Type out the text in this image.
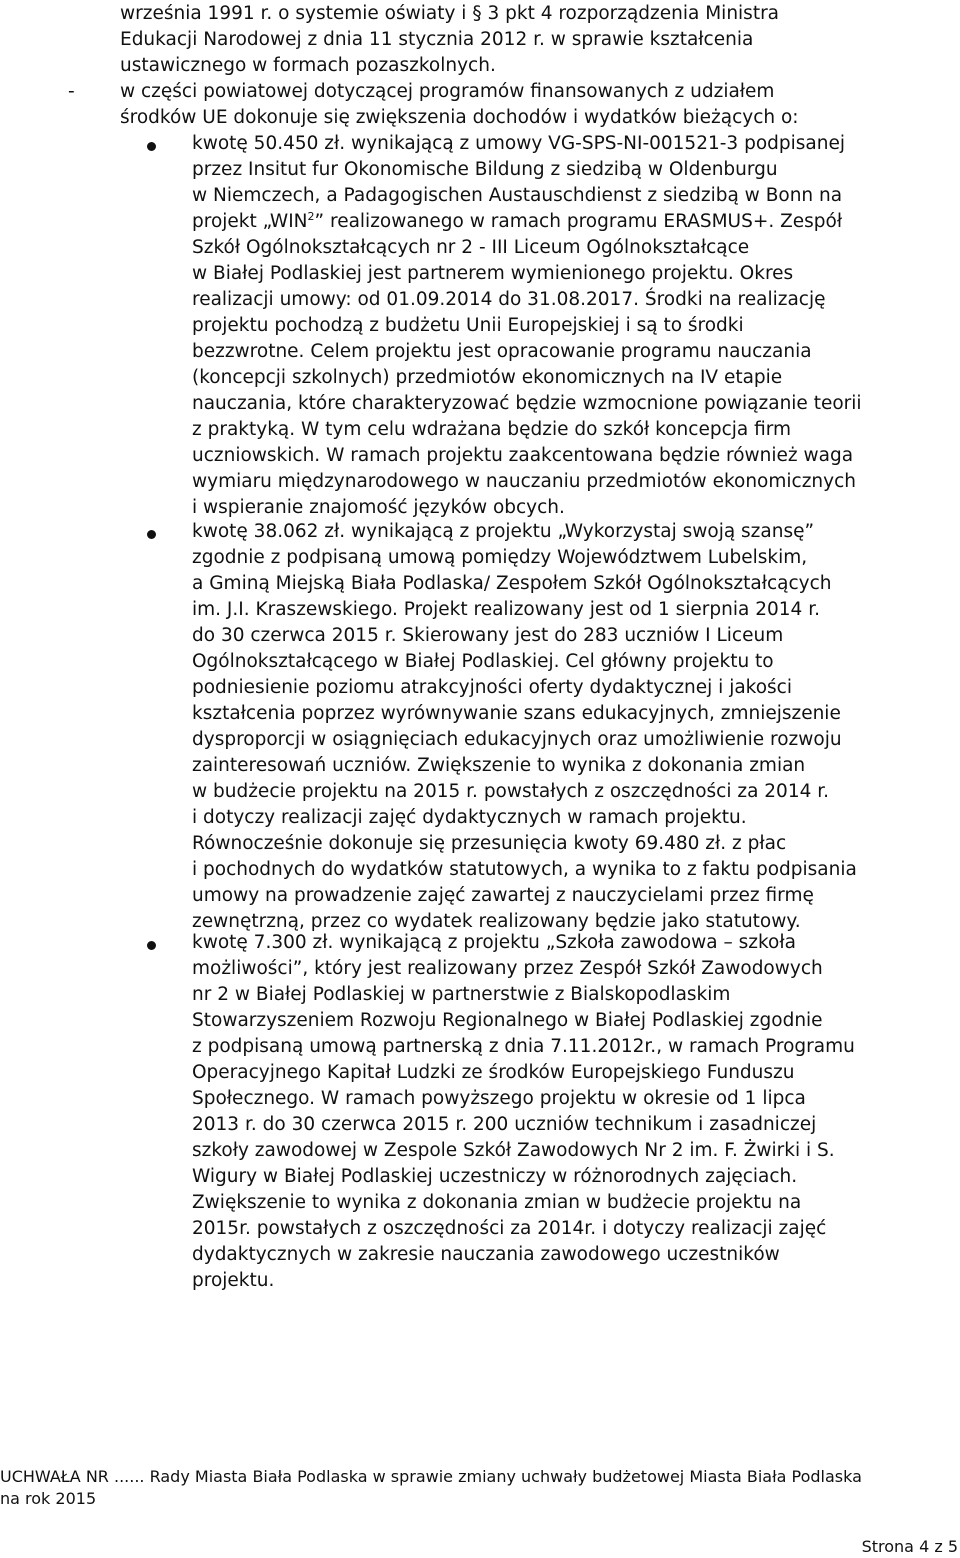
września 1991 r. o systemie oświaty i § 3 pkt 4 rozporządzenia Ministra
Edukacji Narodowej z dnia 11 stycznia 2012 r. w sprawie kształcenia
ustawicznego w formach pozaszkolnych.
- w części powiatowej dotyczącej programów finansowanych z udziałem
środków UE dokonuje się zwiększenia dochodów i wydatków bieżących o:
kwotę 50.450 zł. wynikającą z umowy VG-SPS-NI-001521-3 podpisanej
przez Insitut fur Okonomische Bildung z siedzibą w Oldenburgu
w Niemczech, a Padagogischen Austauschdienst z siedzibą w Bonn na
projekt „WIN$^2$” realizowanego w ramach programu ERASMUS+. Zespół
Szkół Ogólnokształcących nr 2 - III Liceum Ogólnokształcące
w Białej Podlaskiej jest partnerem wymienionego projektu. Okres
realizacji umowy: od 01.09.2014 do 31.08.2017. Środki na realizację
projektu pochodzą z budżetu Unii Europejskiej i są to środki
bezzwrotne. Celem projektu jest opracowanie programu nauczania
(koncepcji szkolnych) przedmiotów ekonomicznych na IV etapie
nauczania, które charakteryzować będzie wzmocnione powiązanie teorii
z praktyką. W tym celu wdrażana będzie do szkół koncepcja firm
uczniowskich. W ramach projektu zaakcentowana będzie również waga
wymiaru międzynarodowego w nauczaniu przedmiotów ekonomicznych
i wspieranie znajomość języków obcych.
kwotę 38.062 zł. wynikającą z projektu „Wykorzystaj swoją szansę”
zgodnie z podpisaną umową pomiędzy Województwem Lubelskim,
a Gminą Miejską Biała Podlaska/ Zespołem Szkół Ogólnokształcących
im. J.I. Kraszewskiego. Projekt realizowany jest od 1 sierpnia 2014 r.
do 30 czerwca 2015 r. Skierowany jest do 283 uczniów I Liceum
Ogólnokształcącego w Białej Podlaskiej. Cel główny projektu to
podniesienie poziomu atrakcyjności oferty dydaktycznej i jakości
kształcenia poprzez wyrównywanie szans edukacyjnych, zmniejszenie
dysproporcji w osiągnięciach edukacyjnych oraz umożliwienie rozwoju
zainteresowań uczniów. Zwiększenie to wynika z dokonania zmian
w budżecie projektu na 2015 r. powstałych z oszczędności za 2014 r.
i dotyczy realizacji zajęć dydaktycznych w ramach projektu.
Równocześnie dokonuje się przesunięcia kwoty 69.480 zł. z płac
i pochodnych do wydatków statutowych, a wynika to z faktu podpisania
umowy na prowadzenie zajęć zawartej z nauczycielami przez firmę
zewnętrzną, przez co wydatek realizowany będzie jako statutowy.
kwotę 7.300 zł. wynikającą z projektu „Szkoła zawodowa – szkoła
możliwości”, który jest realizowany przez Zespół Szkół Zawodowych
nr 2 w Białej Podlaskiej w partnerstwie z Bialskopodlaskim
Stowarzyszeniem Rozwoju Regionalnego w Białej Podlaskiej zgodnie
z podpisaną umową partnerską z dnia 7.11.2012r., w ramach Programu
Operacyjnego Kapitał Ludzki ze środków Europejskiego Funduszu
Społecznego. W ramach powyższego projektu w okresie od 1 lipca
2013 r. do 30 czerwca 2015 r. 200 uczniów technikum i zasadniczej
szkoły zawodowej w Zespole Szkół Zawodowych Nr 2 im. F. Żwirki i S.
Wigury w Białej Podlaskiej uczestniczy w różnorodnych zajęciach.
Zwiększenie to wynika z dokonania zmian w budżecie projektu na
2015r. powstałych z oszczędności za 2014r. i dotyczy realizacji zajęć
dydaktycznych w zakresie nauczania zawodowego uczestników
projektu.
UCHWAŁA NR ...... Rady Miasta Biała Podlaska w sprawie zmiany uchwały budżetowej Miasta Biała Podlaska
na rok 2015
Strona 4 z 5
